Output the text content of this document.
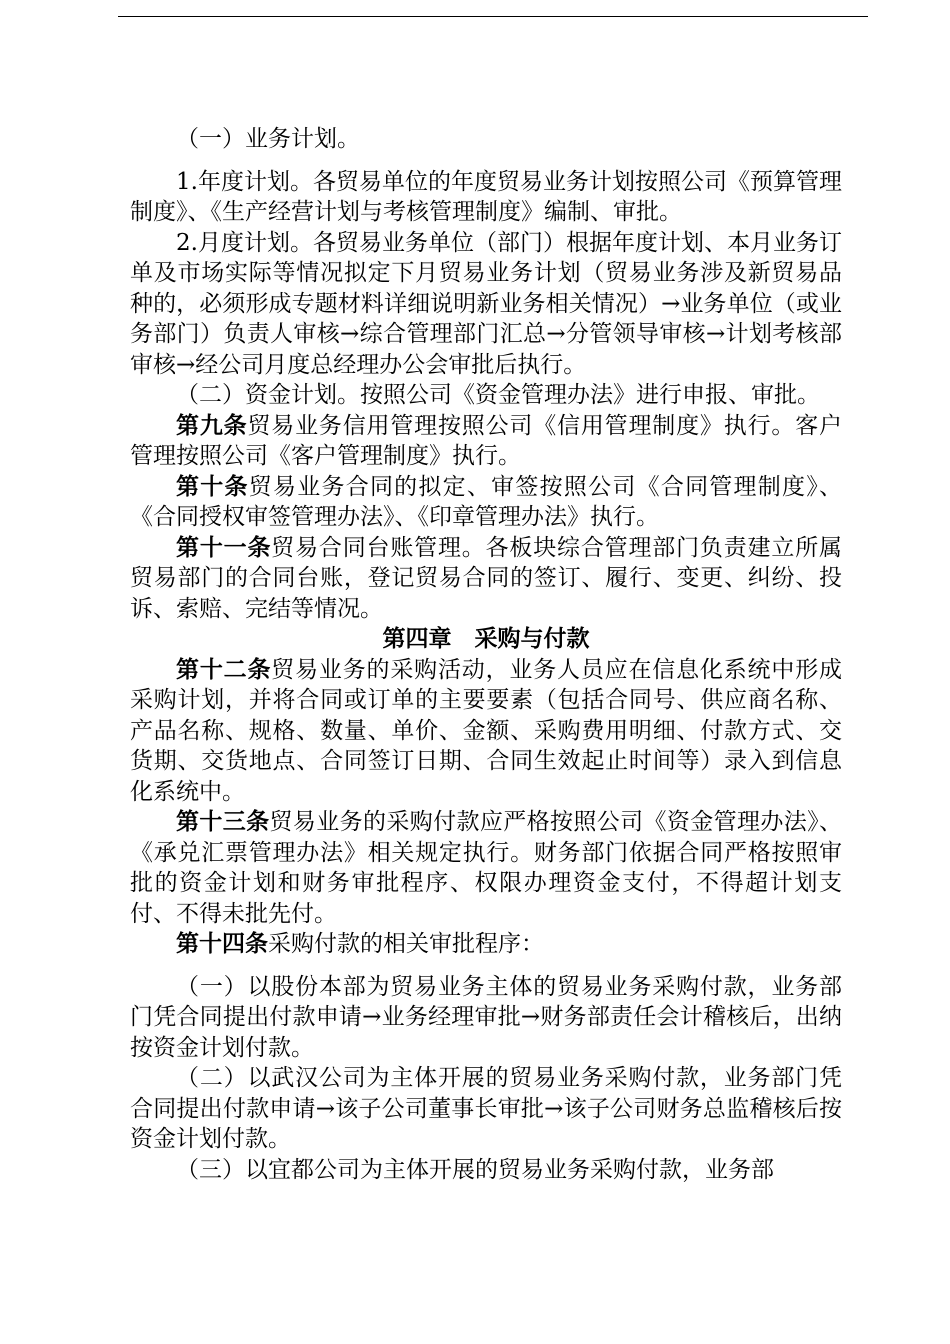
（一）业务计划。

1.年度计划。各贸易单位的年度贸易业务计划按照公司《预算管理制度》、《生产经营计划与考核管理制度》编制、审批。

2.月度计划。各贸易业务单位（部门）根据年度计划、本月业务订单及市场实际等情况拟定下月贸易业务计划（贸易业务涉及新贸易品种的，必须形成专题材料详细说明新业务相关情况）→业务单位（或业务部门）负责人审核→综合管理部门汇总→分管领导审核→计划考核部审核→经公司月度总经理办公会审批后执行。

（二）资金计划。按照公司《资金管理办法》进行申报、审批。

第九条贸易业务信用管理按照公司《信用管理制度》执行。客户管理按照公司《客户管理制度》执行。

第十条贸易业务合同的拟定、审签按照公司《合同管理制度》、《合同授权审签管理办法》、《印章管理办法》执行。

第十一条贸易合同台账管理。各板块综合管理部门负责建立所属贸易部门的合同台账，登记贸易合同的签订、履行、变更、纠纷、投诉、索赔、完结等情况。

第四章 采购与付款

第十二条贸易业务的采购活动，业务人员应在信息化系统中形成采购计划，并将合同或订单的主要要素（包括合同号、供应商名称、产品名称、规格、数量、单价、金额、采购费用明细、付款方式、交货期、交货地点、合同签订日期、合同生效起止时间等）录入到信息化系统中。

第十三条贸易业务的采购付款应严格按照公司《资金管理办法》、《承兑汇票管理办法》相关规定执行。财务部门依据合同严格按照审批的资金计划和财务审批程序、权限办理资金支付，不得超计划支付、不得未批先付。

第十四条采购付款的相关审批程序：

（一）以股份本部为贸易业务主体的贸易业务采购付款，业务部门凭合同提出付款申请→业务经理审批→财务部责任会计稽核后，出纳按资金计划付款。

（二）以武汉公司为主体开展的贸易业务采购付款，业务部门凭合同提出付款申请→该子公司董事长审批→该子公司财务总监稽核后按资金计划付款。

（三）以宜都公司为主体开展的贸易业务采购付款，业务部
